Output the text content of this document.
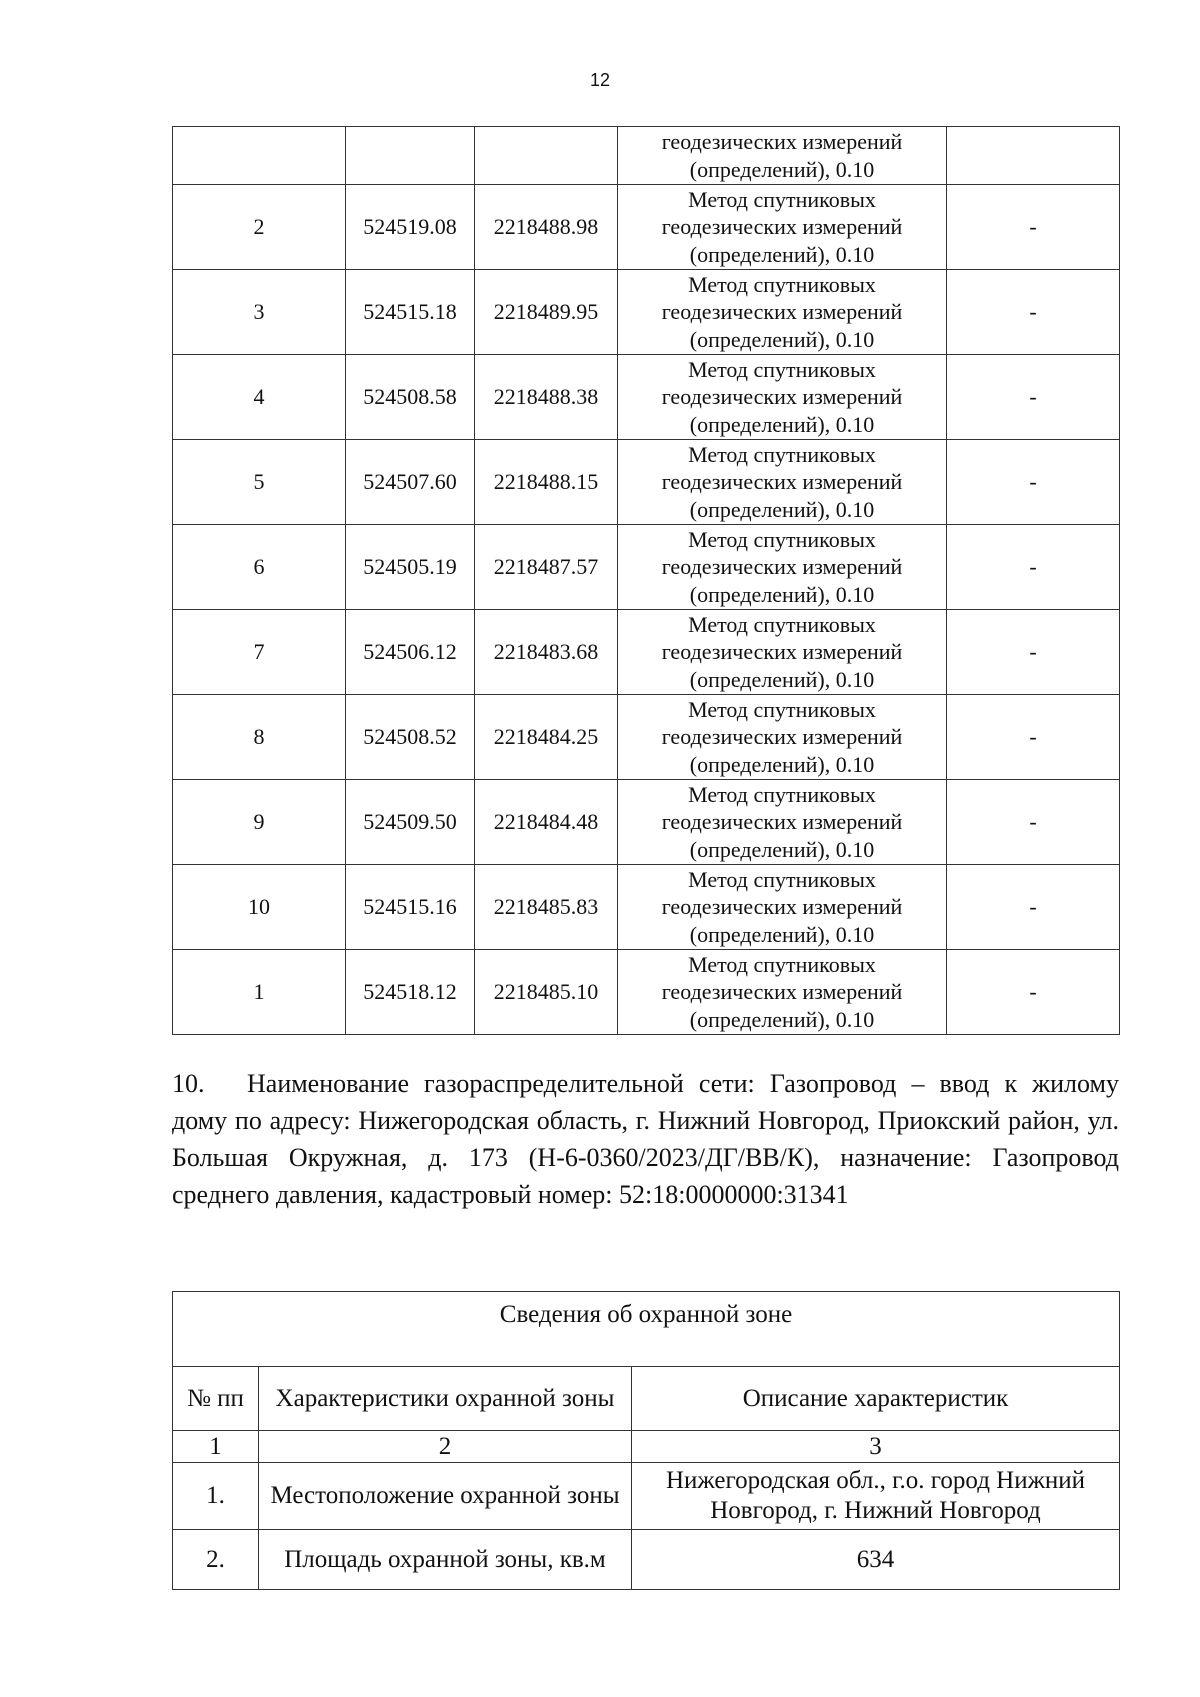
12

			геодезических измерений
(определений), 0.10	

2	524519.08	2218488.98	Метод спутниковых
геодезических измерений
(определений), 0.10	-
3	524515.18	2218489.95	Метод спутниковых
геодезических измерений
(определений), 0.10	-
4	524508.58	2218488.38	Метод спутниковых
геодезических измерений
(определений), 0.10	-
5	524507.60	2218488.15	Метод спутниковых
геодезических измерений
(определений), 0.10	-
6	524505.19	2218487.57	Метод спутниковых
геодезических измерений
(определений), 0.10	-
7	524506.12	2218483.68	Метод спутниковых
геодезических измерений
(определений), 0.10	-
8	524508.52	2218484.25	Метод спутниковых
геодезических измерений
(определений), 0.10	-
9	524509.50	2218484.48	Метод спутниковых
геодезических измерений
(определений), 0.10	-
10	524515.16	2218485.83	Метод спутниковых
геодезических измерений
(определений), 0.10	-
1	524518.12	2218485.10	Метод спутниковых
геодезических измерений
(определений), 0.10	-

10. Наименование газораспределительной сети: Газопровод – ввод к жилому дому по адресу: Нижегородская область, г. Нижний Новгород, Приокский район, ул. Большая Окружная, д. 173 (Н-6-0360/2023/ДГ/ВВ/К), назначение: Газопровод среднего давления, кадастровый номер: 52:18:0000000:31341

Сведения об охранной зоне		
№ пп	Характеристики охранной зоны	Описание характеристик
1	2	3
1.	Местоположение охранной зоны	Нижегородская обл., г.о. город Нижний Новгород, г. Нижний Новгород
2.	Площадь охранной зоны, кв.м	634
